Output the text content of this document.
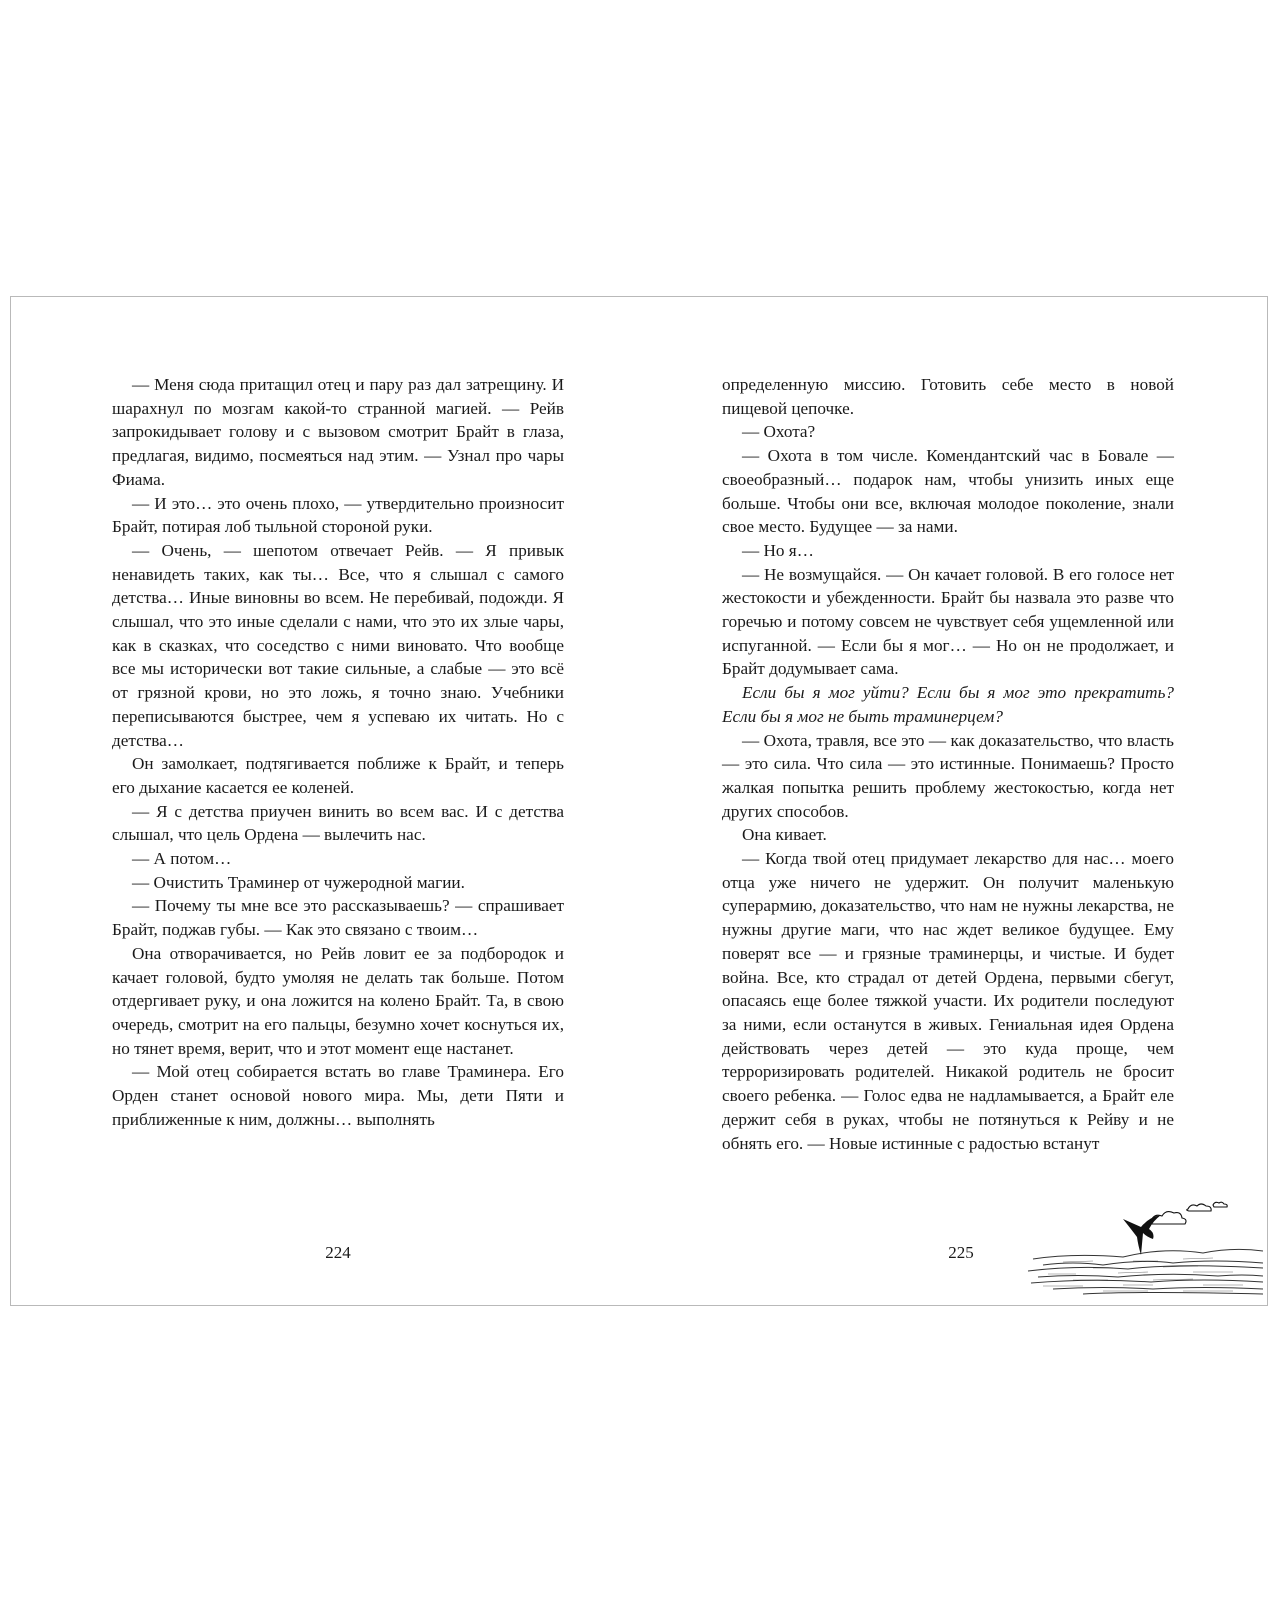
— Меня сюда притащил отец и пару раз дал затрещину. И шарахнул по мозгам какой-то странной магией. — Рейв запрокидывает голову и с вызовом смотрит Брайт в глаза, предлагая, видимо, посмеяться над этим. — Узнал про чары Фиама.

— И это… это очень плохо, — утвердительно произносит Брайт, потирая лоб тыльной стороной руки.

— Очень, — шепотом отвечает Рейв. — Я привык ненавидеть таких, как ты… Все, что я слышал с самого детства… Иные виновны во всем. Не перебивай, подожди. Я слышал, что это иные сделали с нами, что это их злые чары, как в сказках, что соседство с ними виновато. Что вообще все мы исторически вот такие сильные, а слабые — это всё от грязной крови, но это ложь, я точно знаю. Учебники переписываются быстрее, чем я успеваю их читать. Но с детства…

Он замолкает, подтягивается поближе к Брайт, и теперь его дыхание касается ее коленей.

— Я с детства приучен винить во всем вас. И с детства слышал, что цель Ордена — вылечить нас.

— А потом…

— Очистить Траминер от чужеродной магии.

— Почему ты мне все это рассказываешь? — спрашивает Брайт, поджав губы. — Как это связано с твоим…

Она отворачивается, но Рейв ловит ее за подбородок и качает головой, будто умоляя не делать так больше. Потом отдергивает руку, и она ложится на колено Брайт. Та, в свою очередь, смотрит на его пальцы, безумно хочет коснуться их, но тянет время, верит, что и этот момент еще настанет.

— Мой отец собирается встать во главе Траминера. Его Орден станет основой нового мира. Мы, дети Пяти и приближенные к ним, должны… выполнять

224

определенную миссию. Готовить себе место в новой пищевой цепочке.

— Охота?

— Охота в том числе. Комендантский час в Бовале — своеобразный… подарок нам, чтобы унизить иных еще больше. Чтобы они все, включая молодое поколение, знали свое место. Будущее — за нами.

— Но я…

— Не возмущайся. — Он качает головой. В его голосе нет жестокости и убежденности. Брайт бы назвала это разве что горечью и потому совсем не чувствует себя ущемленной или испуганной. — Если бы я мог… — Но он не продолжает, и Брайт додумывает сама.

Если бы я мог уйти? Если бы я мог это прекратить? Если бы я мог не быть траминерцем?

— Охота, травля, все это — как доказательство, что власть — это сила. Что сила — это истинные. Понимаешь? Просто жалкая попытка решить проблему жестокостью, когда нет других способов.

Она кивает.

— Когда твой отец придумает лекарство для нас… моего отца уже ничего не удержит. Он получит маленькую суперармию, доказательство, что нам не нужны лекарства, не нужны другие маги, что нас ждет великое будущее. Ему поверят все — и грязные траминерцы, и чистые. И будет война. Все, кто страдал от детей Ордена, первыми сбегут, опасаясь еще более тяжкой участи. Их родители последуют за ними, если останутся в живых. Гениальная идея Ордена действовать через детей — это куда проще, чем терроризировать родителей. Никакой родитель не бросит своего ребенка. — Голос едва не надламывается, а Брайт еле держит себя в руках, чтобы не потянуться к Рейву и не обнять его. — Новые истинные с радостью встанут

225
